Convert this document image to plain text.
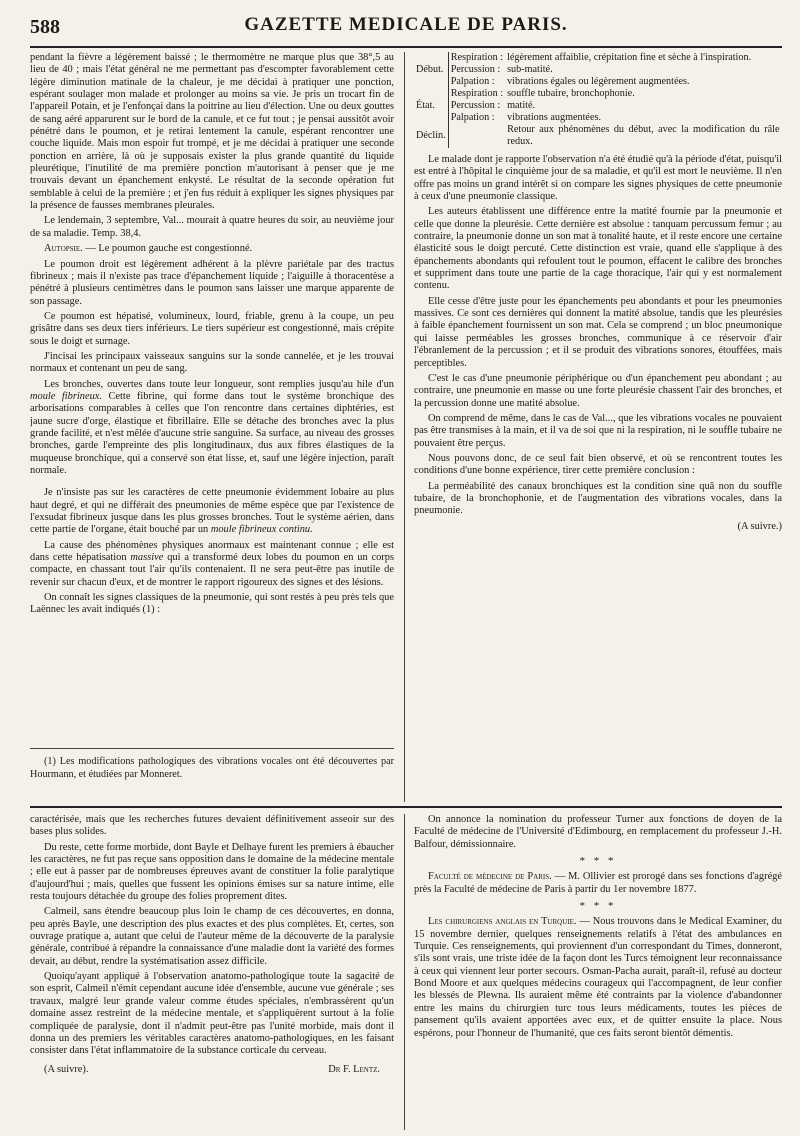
588	GAZETTE MEDICALE DE PARIS.

pendant la fièvre a légèrement baissé ; le thermomètre ne marque plus que 38°,5 au lieu de 40 ; mais l'état général ne me permettant pas d'escompter favorablement cette légère diminution matinale de la chaleur, je me décidai à pratiquer une ponction, espérant soulager mon malade et prolonger au moins sa vie. Je pris un trocart fin de l'appareil Potain, et je l'enfonçai dans la poitrine au lieu d'élection. Une ou deux gouttes de sang aéré apparurent sur le bord de la canule, et ce fut tout ; je pensai aussitôt avoir pénétré dans le poumon, et je retirai lentement la canule, espérant rencontrer une couche liquide. Mais mon espoir fut trompé, et je me décidai à pratiquer une seconde ponction en arrière, là où je supposais exister la plus grande quantité du liquide pleurétique, l'inutilité de ma première ponction m'autorisant à penser que je me trouvais devant un épanchement enkysté. Le résultat de la seconde opération fut semblable à celui de la première ; et j'en fus réduit à expliquer les signes physiques par la présence de fausses membranes pleurales.

Le lendemain, 3 septembre, Val... mourait à quatre heures du soir, au neuvième jour de sa maladie. Temp. 38,4.

Autopsie. — Le poumon gauche est congestionné.

Le poumon droit est légèrement adhérent à la plèvre pariétale par des tractus fibrineux ; mais il n'existe pas trace d'épanchement liquide ; l'aiguille à thoracentèse a pénétré à plusieurs centimètres dans le poumon sans laisser une marque apparente de son passage.

Ce poumon est hépatisé, volumineux, lourd, friable, grenu à la coupe, un peu grisâtre dans ses deux tiers inférieurs. Le tiers supérieur est congestionné, mais crépite sous le doigt et surnage.

J'incisai les principaux vaisseaux sanguins sur la sonde cannelée, et je les trouvai normaux et contenant un peu de sang.

Les bronches, ouvertes dans toute leur longueur, sont remplies jusqu'au hile d'un moule fibrineux. Cette fibrine, qui forme dans tout le système bronchique des arborisations comparables à celles que l'on rencontre dans certaines diphtéries, est jaune sucre d'orge, élastique et fibrillaire. Elle se détache des bronches avec la plus grande facilité, et n'est mêlée d'aucune strie sanguine. Sa surface, au niveau des grosses bronches, garde l'empreinte des plis longitudinaux, dus aux fibres élastiques de la muqueuse bronchique, qui a conservé son état lisse, et, sauf une légère injection, paraît normale.

Je n'insiste pas sur les caractères de cette pneumonie évidemment lobaire au plus haut degré, et qui ne différait des pneumonies de même espèce que par l'existence de l'exsudat fibrineux jusque dans les plus grosses bronches. Tout le système aérien, dans cette partie de l'organe, était bouché par un moule fibrineux continu.

La cause des phénomènes physiques anormaux est maintenant connue ; elle est dans cette hépatisation massive qui a transformé deux lobes du poumon en un corps compacte, en chassant tout l'air qu'ils contenaient. Il ne sera peut-être pas inutile de revenir sur chacun d'eux, et de montrer le rapport rigoureux des signes et des lésions.

On connaît les signes classiques de la pneumonie, qui sont restés à peu près tels que Laënnec les avait indiqués (1) :

(1) Les modifications pathologiques des vibrations vocales ont été découvertes par Hourmann, et étudiées par Monneret.

Début.	Respiration :	légèrement affaiblie, crépitation fine et sèche à l'inspiration.
	Percussion :	sub-matité.
	Palpation :	vibrations égales ou légèrement augmentées.
État.	Respiration :	souffle tubaire, bronchophonie.
	Percussion :	matité.
	Palpation :	vibrations augmentées.
Déclin.		Retour aux phénomènes du début, avec la modification du râle redux.

Le malade dont je rapporte l'observation n'a été étudié qu'à la période d'état, puisqu'il est entré à l'hôpital le cinquième jour de sa maladie, et qu'il est mort le neuvième. Il n'en offre pas moins un grand intérêt si on compare les signes physiques de cette pneumonie à ceux d'une pneumonie classique.

Les auteurs établissent une différence entre la matité fournie par la pneumonie et celle que donne la pleurésie. Cette dernière est absolue : tanquam percussum femur ; au contraire, la pneumonie donne un son mat à tonalité haute, et il reste encore une certaine élasticité sous le doigt percuté. Cette distinction est vraie, quand elle s'applique à des épanchements abondants qui refoulent tout le poumon, effacent le calibre des bronches et suppriment dans toute une partie de la cage thoracique, l'air qui y est normalement contenu.

Elle cesse d'être juste pour les épanchements peu abondants et pour les pneumonies massives. Ce sont ces dernières qui donnent la matité absolue, tandis que les pleurésies à faible épanchement fournissent un son mat. Cela se comprend ; un bloc pneumonique qui laisse perméables les grosses bronches, communique à ce réservoir d'air l'ébranlement de la percussion ; et il se produit des vibrations sonores, étouffées, mais perceptibles.

C'est le cas d'une pneumonie périphérique ou d'un épanchement peu abondant ; au contraire, une pneumonie en masse ou une forte pleurésie chassent l'air des bronches, et la percussion donne une matité absolue.

On comprend de même, dans le cas de Val..., que les vibrations vocales ne pouvaient pas être transmises à la main, et il va de soi que ni la respiration, ni le souffle tubaire ne pouvaient être perçus.

Nous pouvons donc, de ce seul fait bien observé, et où se rencontrent toutes les conditions d'une bonne expérience, tirer cette première conclusion :

La perméabilité des canaux bronchiques est la condition sine quâ non du souffle tubaire, de la bronchophonie, et de l'augmentation des vibrations vocales, dans la pneumonie.

(A suivre.)

caractérisée, mais que les recherches futures devaient définitivement asseoir sur des bases plus solides.

Du reste, cette forme morbide, dont Bayle et Delhaye furent les premiers à ébaucher les caractères, ne fut pas reçue sans opposition dans le domaine de la médecine mentale ; elle eut à passer par de nombreuses épreuves avant de constituer la folie paralytique d'aujourd'hui ; mais, quelles que fussent les opinions émises sur sa nature intime, elle resta toujours détachée du groupe des folies proprement dites.

Calmeil, sans étendre beaucoup plus loin le champ de ces découvertes, en donna, peu après Bayle, une description des plus exactes et des plus complètes. Et, certes, son ouvrage pratique a, autant que celui de l'auteur même de la découverte de la paralysie générale, contribué à répandre la connaissance d'une maladie dont la variété des formes devait, au début, rendre la systématisation assez difficile.

Quoiqu'ayant appliqué à l'observation anatomo-pathologique toute la sagacité de son esprit, Calmeil n'émit cependant aucune idée d'ensemble, aucune vue générale ; ses travaux, malgré leur grande valeur comme études spéciales, n'embrassèrent qu'un domaine assez restreint de la médecine mentale, et s'appliquèrent surtout à la folie compliquée de paralysie, dont il n'admit peut-être pas l'unité morbide, mais dont il donna un des premiers les véritables caractères anatomo-pathologiques, en les faisant consister dans l'état inflammatoire de la substance corticale du cerveau.

(A suivre).	Dr F. Lentz.

On annonce la nomination du professeur Turner aux fonctions de doyen de la Faculté de médecine de l'Université d'Edimbourg, en remplacement du professeur J.-H. Balfour, démissionnaire.

* * *

Faculté de médecine de Paris. — M. Ollivier est prorogé dans ses fonctions d'agrégé près la Faculté de médecine de Paris à partir du 1er novembre 1877.

* * *

Les chirurgiens anglais en Turquie. — Nous trouvons dans le Medical Examiner, du 15 novembre dernier, quelques renseignements relatifs à l'état des ambulances en Turquie. Ces renseignements, qui proviennent d'un correspondant du Times, donneront, s'ils sont vrais, une triste idée de la façon dont les Turcs témoignent leur reconnaissance à ceux qui viennent leur porter secours. Osman-Pacha aurait, paraît-il, refusé au docteur Bond Moore et aux quelques médecins courageux qui l'accompagnent, de leur confier les blessés de Plewna. Ils auraient même été contraints par la violence d'abandonner entre les mains du chirurgien turc tous leurs médicaments, toutes les pièces de pansement qu'ils avaient apportées avec eux, et de quitter ensuite la place. Nous espérons, pour l'honneur de l'humanité, que ces faits seront bientôt démentis.
